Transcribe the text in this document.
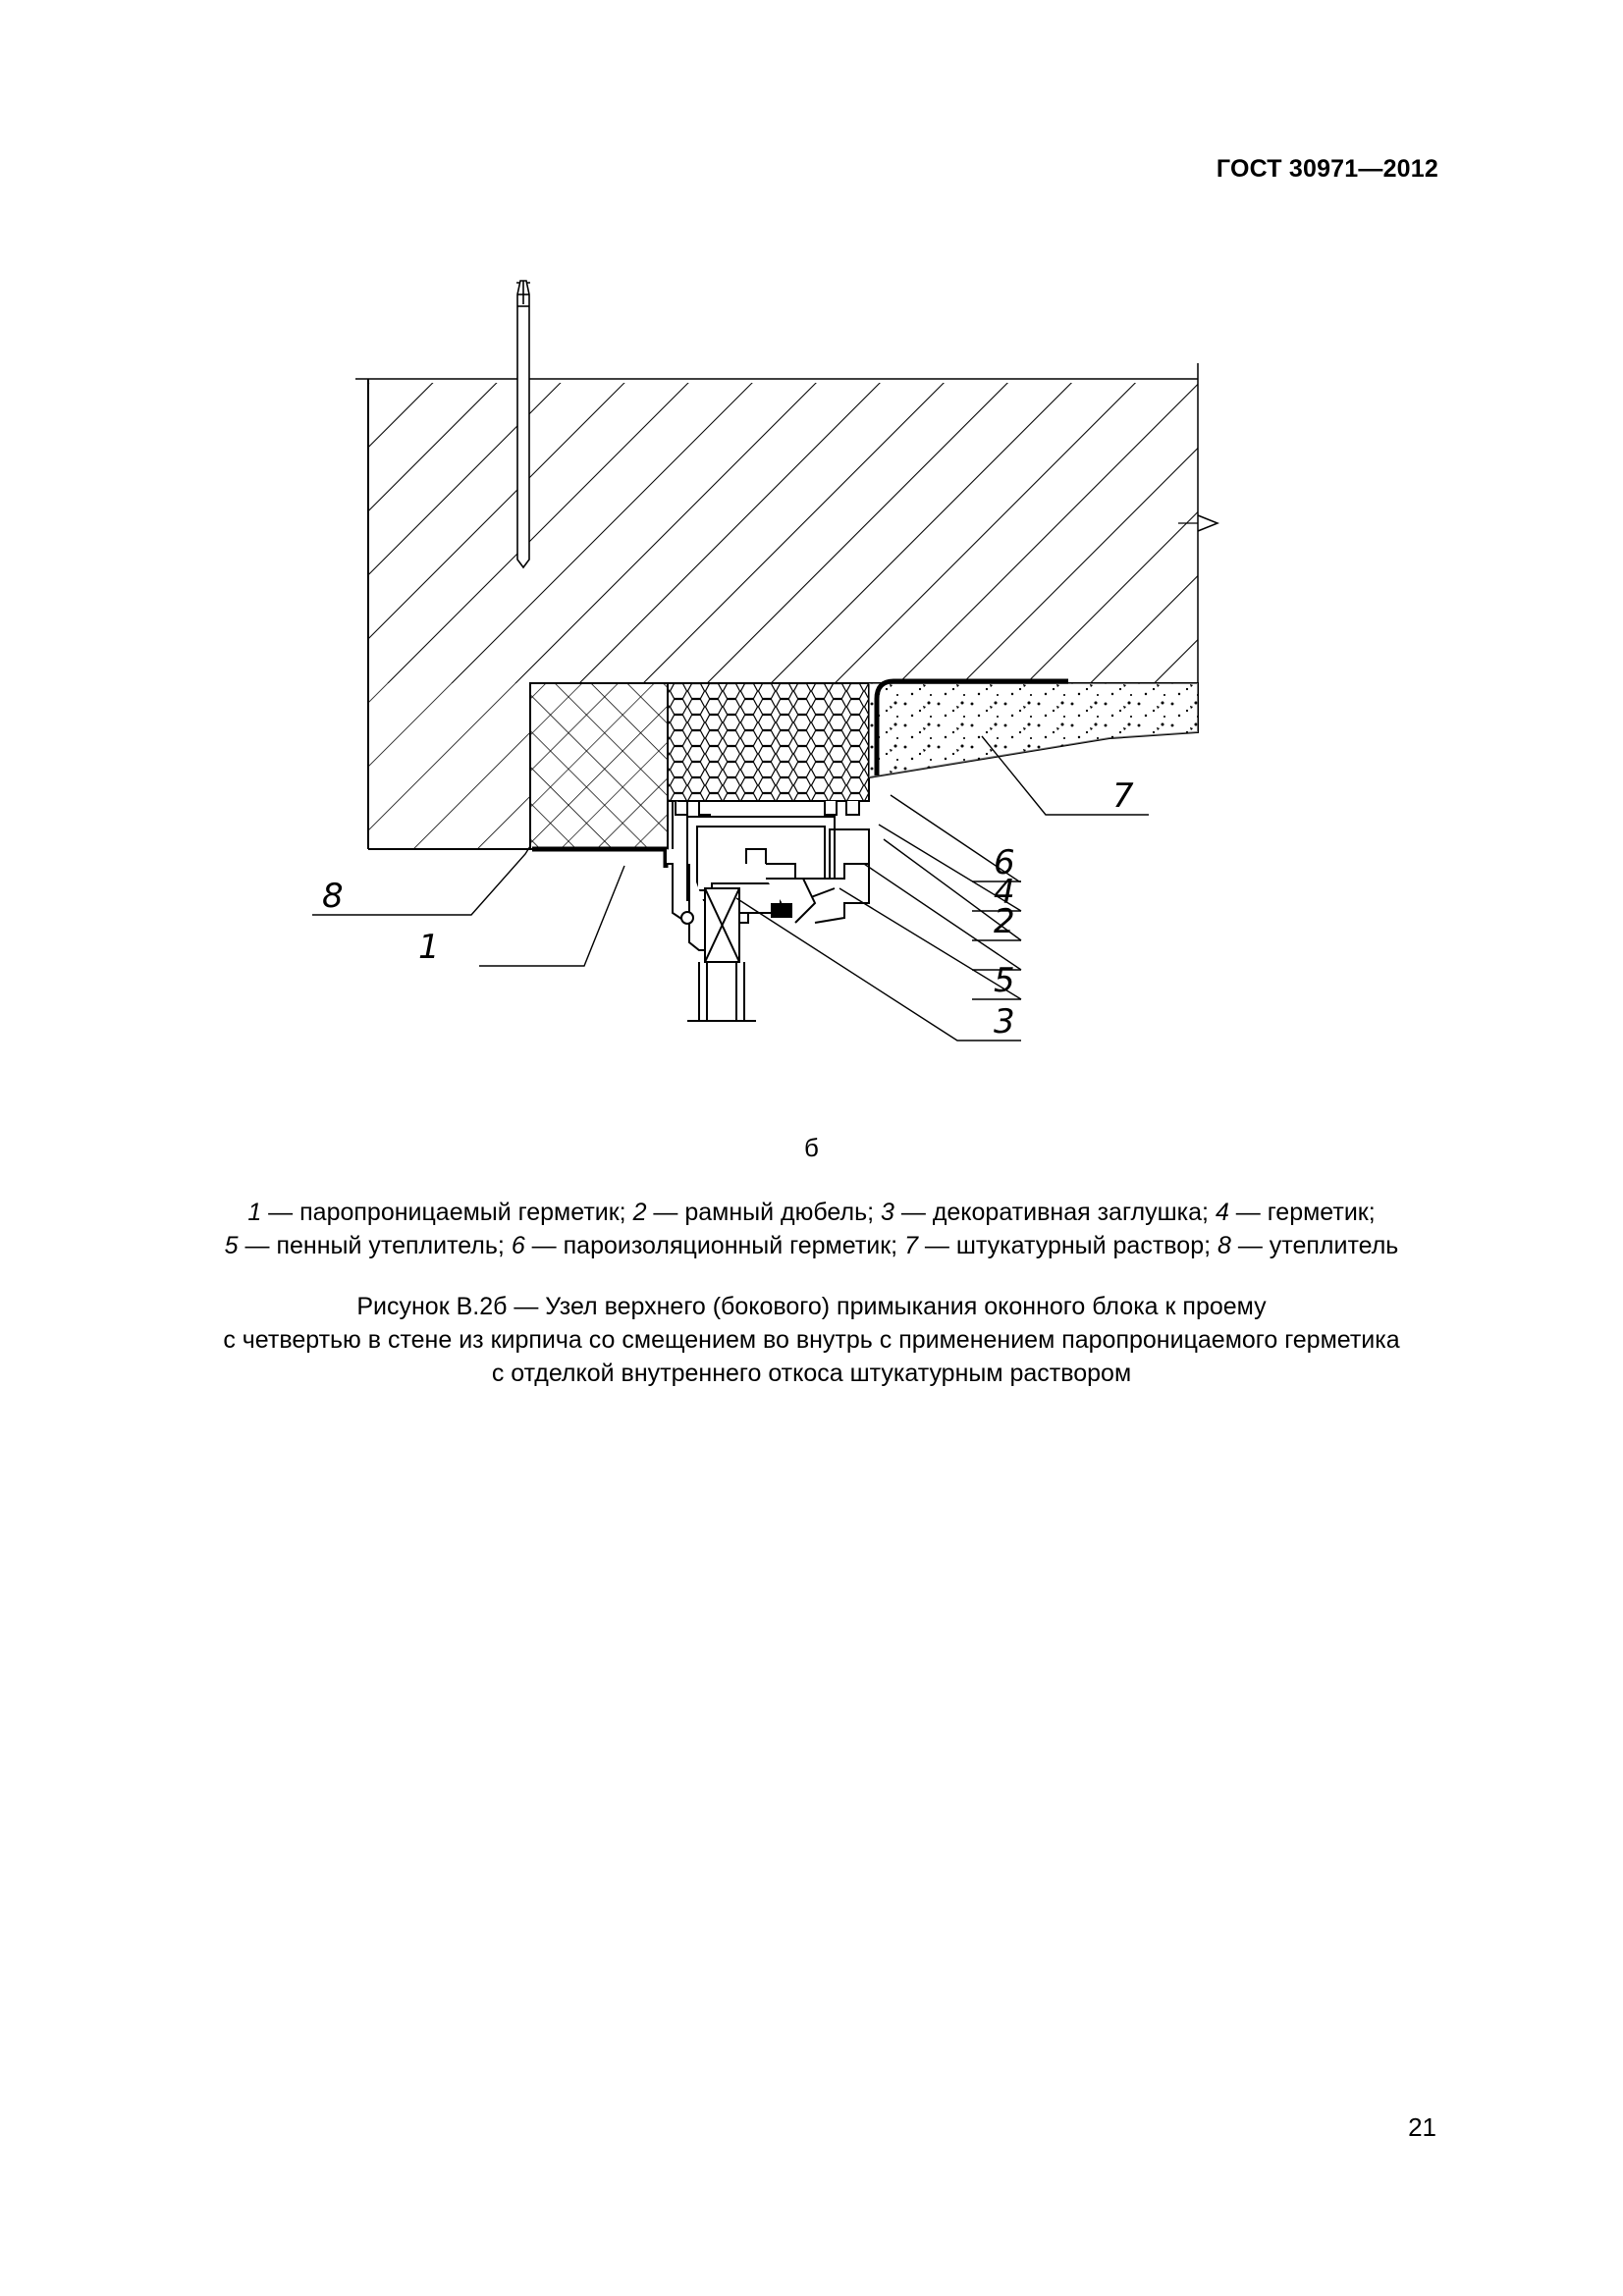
ГОСТ 30971—2012
8
1
7
6
4
2
5
3
б
1 — паропроницаемый герметик; 2 — рамный дюбель; 3 — декоративная заглушка; 4 — герметик;
5 — пенный утеплитель; 6 — пароизоляционный герметик; 7 — штукатурный раствор; 8 — утеплитель
Рисунок В.2б — Узел верхнего (бокового) примыкания оконного блока к проему
с четвертью в стене из кирпича со смещением во внутрь с применением паропроницаемого герметика
с отделкой внутреннего откоса штукатурным раствором
21
